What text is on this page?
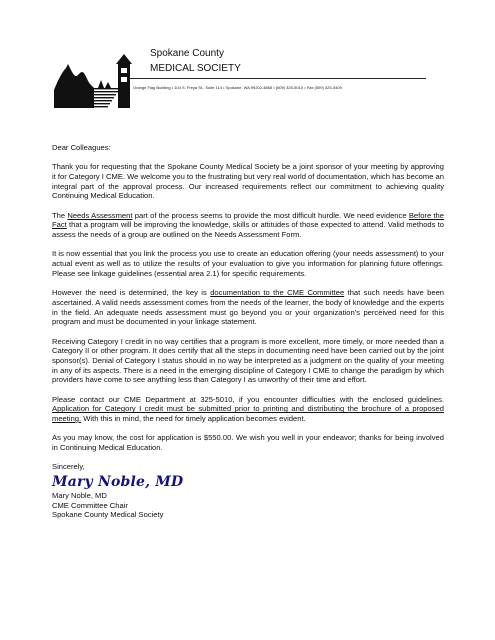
Spokane County
MEDICAL SOCIETY
Orange Flag Building • 104 S. Freya St., Suite 114 • Spokane, WA 99202-4868 • (509) 325-5010 • Fax (509) 325-5409

Dear Colleagues:

Thank you for requesting that the Spokane County Medical Society be a joint sponsor of your meeting by approving it for Category I CME. We welcome you to the frustrating but very real world of documentation, which has become an integral part of the approval process. Our increased requirements reflect our commitment to achieving quality Continuing Medical Education.

The Needs Assessment part of the process seems to provide the most difficult hurdle. We need evidence Before the Fact that a program will be improving the knowledge, skills or attitudes of those expected to attend. Valid methods to assess the needs of a group are outlined on the Needs Assessment Form.

It is now essential that you link the process you use to create an education offering (your needs assessment) to your actual event as well as to utilize the results of your evaluation to give you information for planning future offerings. Please see linkage guidelines (essential area 2.1) for specific requirements.

However the need is determined, the key is documentation to the CME Committee that such needs have been ascertained. A valid needs assessment comes from the needs of the learner, the body of knowledge and the experts in the field. An adequate needs assessment must go beyond you or your organization’s perceived need for this program and must be documented in your linkage statement.

Receiving Category I credit in no way certifies that a program is more excellent, more timely, or more needed than a Category II or other program. It does certify that all the steps in documenting need have been carried out by the joint sponsor(s). Denial of Category I status should in no way be interpreted as a judgment on the quality of your meeting in any of its aspects. There is a need in the emerging discipline of Category I CME to change the paradigm by which providers have come to see anything less than Category I as unworthy of their time and effort.

Please contact our CME Department at 325-5010, if you encounter difficulties with the enclosed guidelines. Application for Category I credit must be submitted prior to printing and distributing the brochure of a proposed meeting. With this in mind, the need for timely application becomes evident.

As you may know, the cost for application is $550.00. We wish you well in your endeavor; thanks for being involved in Continuing Medical Education.

Sincerely,

Mary Noble, MD

Mary Noble, MD

CME Committee Chair

Spokane County Medical Society
